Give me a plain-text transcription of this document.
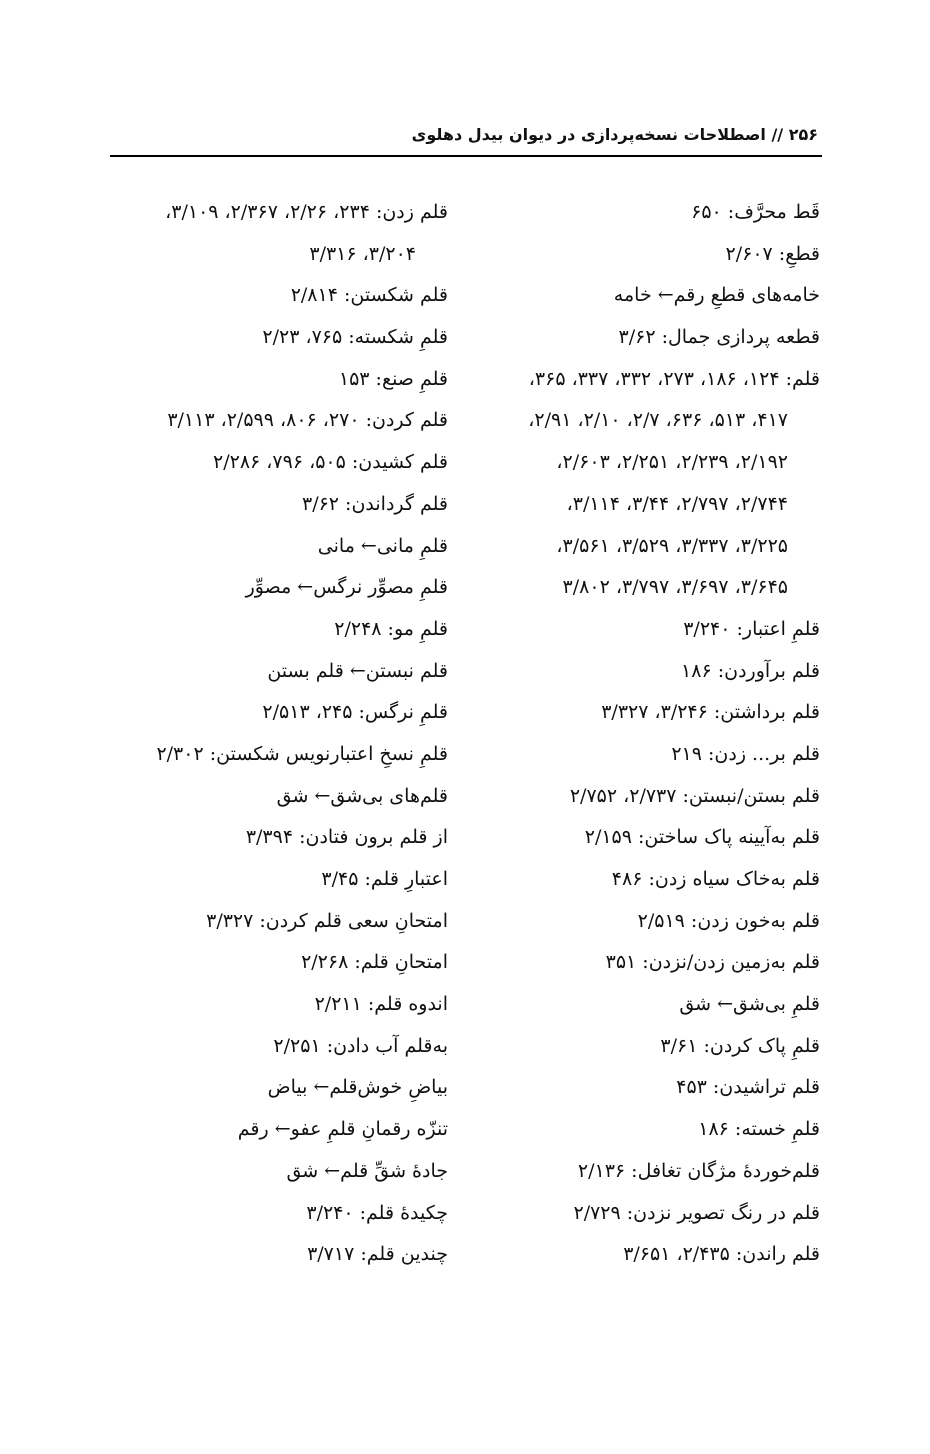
۲۵۶ // اصطلاحات نسخه‌پردازی در دیوان بیدل دهلوی
قَط محرَّف: ۶۵۰
قطعِ: ۲/۶۰۷
خامه‌های قطعِ رقم← خامه
قطعه پردازی جمال: ۳/۶۲
قلم: ۱۲۴، ۱۸۶، ۲۷۳، ۳۳۲، ۳۳۷، ۳۶۵،
۴۱۷، ۵۱۳، ۶۳۶، ۲/۷، ۲/۱۰، ۲/۹۱،
۲/۱۹۲، ۲/۲۳۹، ۲/۲۵۱، ۲/۶۰۳،
۲/۷۴۴، ۲/۷۹۷، ۳/۴۴، ۳/۱۱۴،
۳/۲۲۵، ۳/۳۳۷، ۳/۵۲۹، ۳/۵۶۱،
۳/۶۴۵، ۳/۶۹۷، ۳/۷۹۷، ۳/۸۰۲
قلمِ اعتبار: ۳/۲۴۰
قلم برآوردن: ۱۸۶
قلم برداشتن: ۳/۲۴۶، ۳/۳۲۷
قلم بر... زدن: ۲۱۹
قلم بستن/نبستن: ۲/۷۳۷، ۲/۷۵۲
قلم به‌آیینه پاک ساختن: ۲/۱۵۹
قلم به‌خاک سیاه زدن: ۴۸۶
قلم به‌خون زدن: ۲/۵۱۹
قلم به‌زمین زدن/نزدن: ۳۵۱
قلمِ بی‌شق← شق
قلمِ پاک کردن: ۳/۶۱
قلم تراشیدن: ۴۵۳
قلمِ خسته: ۱۸۶
قلم‌خوردهٔ مژگان تغافل: ۲/۱۳۶
قلم در رنگ تصویر نزدن: ۲/۷۲۹
قلم راندن: ۲/۴۳۵، ۳/۶۵۱
قلم زدن: ۲۳۴، ۲/۲۶، ۲/۳۶۷، ۳/۱۰۹،
۳/۲۰۴، ۳/۳۱۶
قلم شکستن: ۲/۸۱۴
قلمِ شکسته: ۷۶۵، ۲/۲۳
قلمِ صنع: ۱۵۳
قلم کردن: ۲۷۰، ۸۰۶، ۲/۵۹۹، ۳/۱۱۳
قلم کشیدن: ۵۰۵، ۷۹۶، ۲/۲۸۶
قلم گرداندن: ۳/۶۲
قلمِ مانی← مانی
قلمِ مصوِّر نرگس← مصوِّر
قلمِ مو: ۲/۲۴۸
قلم نبستن← قلم بستن
قلمِ نرگس: ۲۴۵، ۲/۵۱۳
قلمِ نسخِ اعتبارنویس شکستن: ۲/۳۰۲
قلم‌های بی‌شق← شق
از قلم برون فتادن: ۳/۳۹۴
اعتبارِ قلم: ۳/۴۵
امتحانِ سعی قلم کردن: ۳/۳۲۷
امتحانِ قلم: ۲/۲۶۸
اندوه قلم: ۲/۲۱۱
به‌قلم آب دادن: ۲/۲۵۱
بیاضِ خوش‌قلم← بیاض
تنزّه رقمانِ قلمِ عفو← رقم
جادهٔ شقِّ قلم← شق
چکیدهٔ قلم: ۳/۲۴۰
چندین قلم: ۳/۷۱۷
